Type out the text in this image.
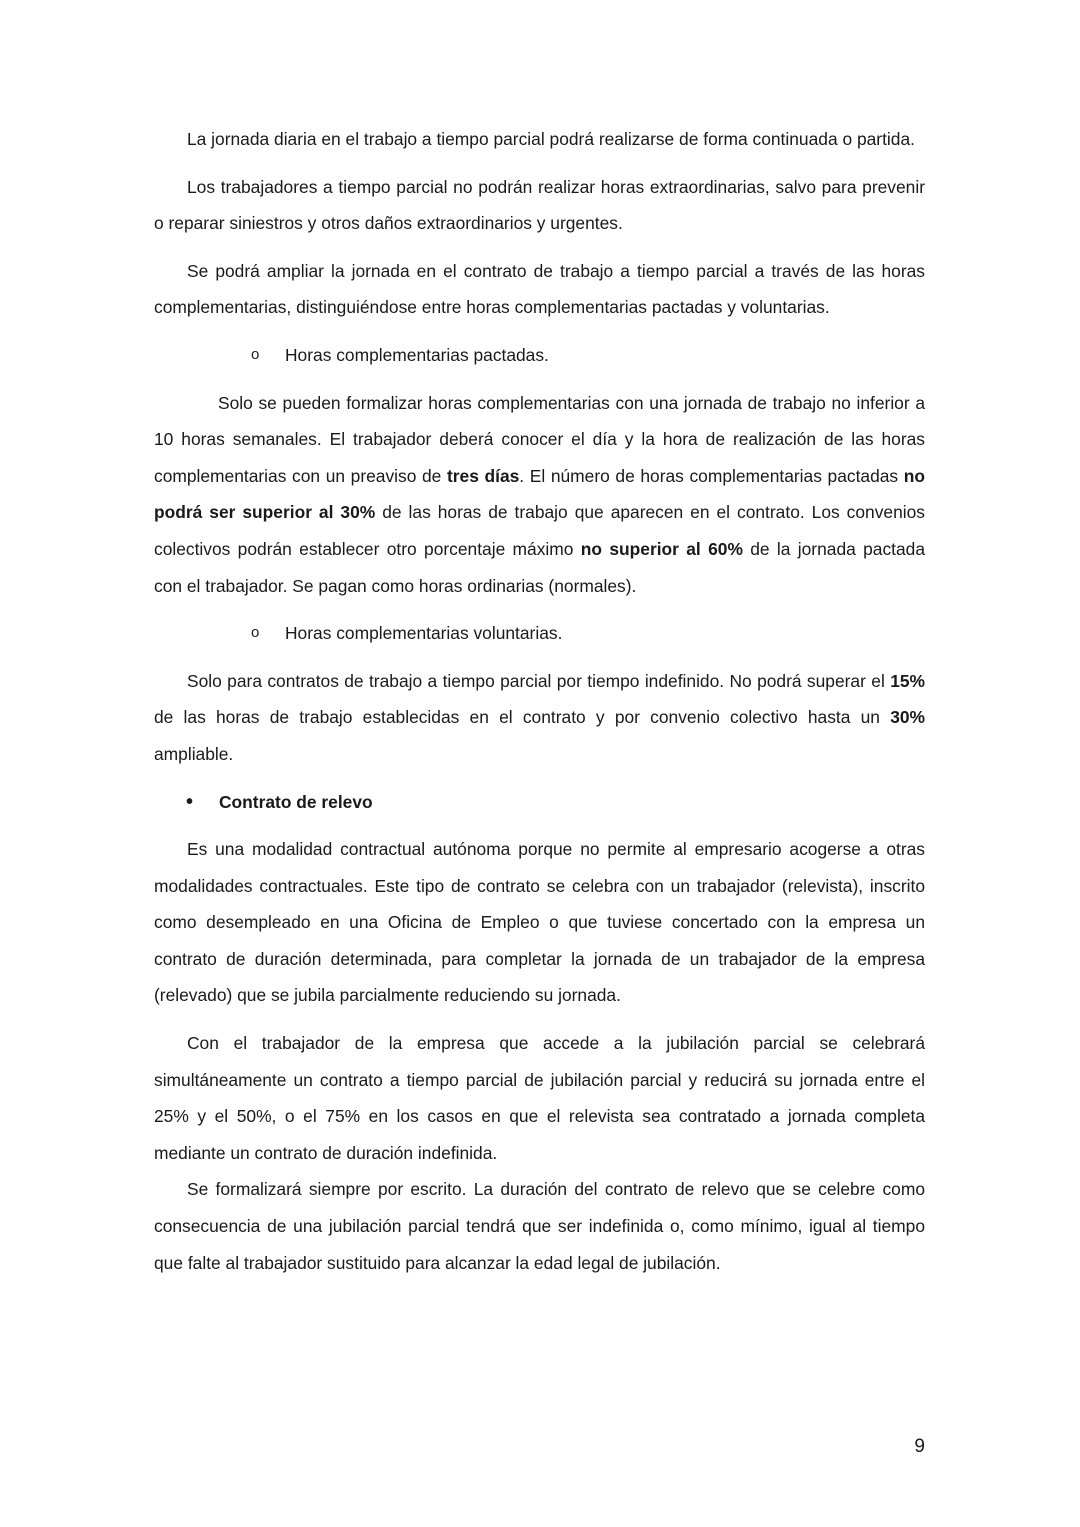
La jornada diaria en el trabajo a tiempo parcial podrá realizarse de forma continuada o partida.

Los trabajadores a tiempo parcial no podrán realizar horas extraordinarias, salvo para prevenir o reparar siniestros y otros daños extraordinarios y urgentes.

Se podrá ampliar la jornada en el contrato de trabajo a tiempo parcial a través de las horas complementarias, distinguiéndose entre horas complementarias pactadas y voluntarias.

o Horas complementarias pactadas.

Solo se pueden formalizar horas complementarias con una jornada de trabajo no inferior a 10 horas semanales. El trabajador deberá conocer el día y la hora de realización de las horas complementarias con un preaviso de tres días. El número de horas complementarias pactadas no podrá ser superior al 30% de las horas de trabajo que aparecen en el contrato. Los convenios colectivos podrán establecer otro porcentaje máximo no superior al 60% de la jornada pactada con el trabajador. Se pagan como horas ordinarias (normales).

o Horas complementarias voluntarias.

Solo para contratos de trabajo a tiempo parcial por tiempo indefinido. No podrá superar el 15% de las horas de trabajo establecidas en el contrato y por convenio colectivo hasta un 30% ampliable.

• Contrato de relevo

Es una modalidad contractual autónoma porque no permite al empresario acogerse a otras modalidades contractuales. Este tipo de contrato se celebra con un trabajador (relevista), inscrito como desempleado en una Oficina de Empleo o que tuviese concertado con la empresa un contrato de duración determinada, para completar la jornada de un trabajador de la empresa (relevado) que se jubila parcialmente reduciendo su jornada.

Con el trabajador de la empresa que accede a la jubilación parcial se celebrará simultáneamente un contrato a tiempo parcial de jubilación parcial y reducirá su jornada entre el 25% y el 50%, o el 75% en los casos en que el relevista sea contratado a jornada completa mediante un contrato de duración indefinida.

Se formalizará siempre por escrito. La duración del contrato de relevo que se celebre como consecuencia de una jubilación parcial tendrá que ser indefinida o, como mínimo, igual al tiempo que falte al trabajador sustituido para alcanzar la edad legal de jubilación.

9
